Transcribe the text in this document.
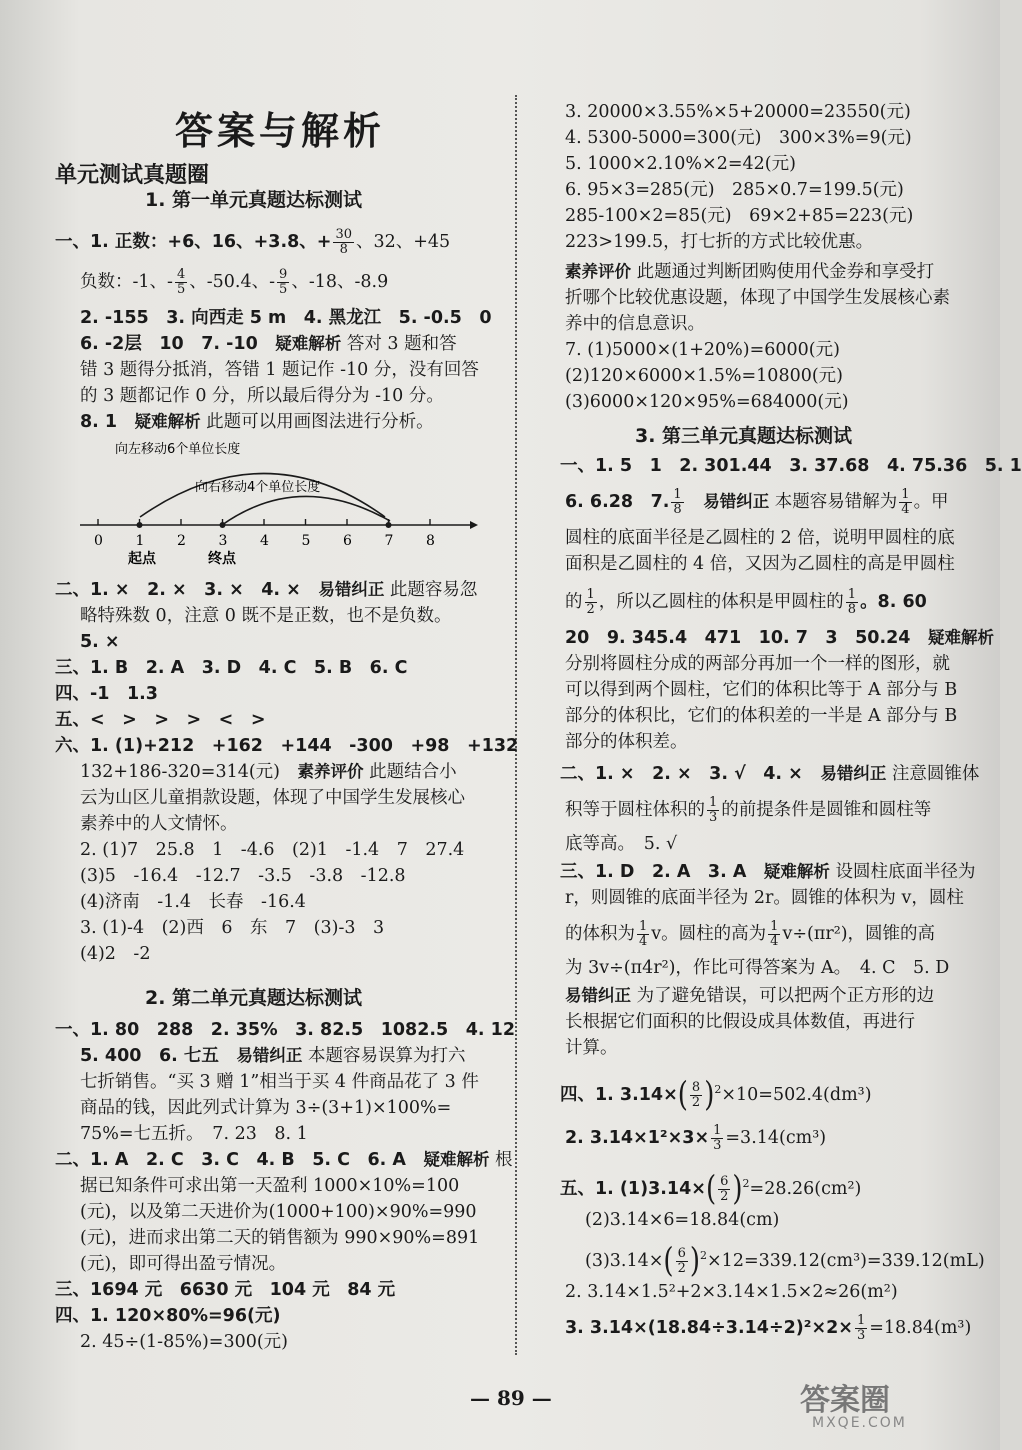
答案与解析
单元测试真题圈
1. 第一单元真题达标测试
一、1. 正数：+6、16、+3.8、+ $\frac{30}{8}$ 、32、+45
负数：-1、- $\frac{4}{5}$ 、-50.4、- $\frac{9}{5}$ 、-18、-8.9
2. -155　3. 向西走 5 m　4. 黑龙江　5. -0.5　0
6. -2层　10　7. -10　疑难解析 答对 3 题和答
错 3 题得分抵消，答错 1 题记作 -10 分，没有回答
的 3 题都记作 0 分，所以最后得分为 -10 分。
8. 1　疑难解析 此题可以用画图法进行分析。
向左移动6个单位长度
向右移动4个单位长度
0 1 2 3 4 5 6 7 8
起点	终点
二、1. ×　2. ×　3. ×　4. ×　易错纠正 此题容易忽
略特殊数 0，注意 0 既不是正数，也不是负数。
5. ×
三、1. B　2. A　3. D　4. C　5. B　6. C
四、-1　1.3
五、<　>　>　>　<　>
六、1. (1)+212　+162　+144　-300　+98　+132
132+186-320=314(元)　素养评价 此题结合小
云为山区儿童捐款设题，体现了中国学生发展核心
素养中的人文情怀。
2. (1)7　25.8　1　-4.6　(2)1　-1.4　7　27.4
(3)5　-16.4　-12.7　-3.5　-3.8　-12.8
(4)济南　-1.4　长春　-16.4
3. (1)-4　(2)西　6　东　7　(3)-3　3
(4)2　-2
2. 第二单元真题达标测试
一、1. 80　288　2. 35%　3. 82.5　1082.5　4. 12
5. 400　6. 七五　易错纠正 本题容易误算为打六
七折销售。“买 3 赠 1”相当于买 4 件商品花了 3 件
商品的钱，因此列式计算为 3÷(3+1)×100%=
75%=七五折。　7. 23　8. 1
二、1. A　2. C　3. C　4. B　5. C　6. A　疑难解析 根
据已知条件可求出第一天盈利 1000×10%=100
(元)，以及第二天进价为(1000+100)×90%=990
(元)，进而求出第二天的销售额为 990×90%=891
(元)，即可得出盈亏情况。
三、1694 元　6630 元　104 元　84 元
四、1. 120×80%=96(元)
2. 45÷(1-85%)=300(元)
3. 20000×3.55%×5+20000=23550(元)
4. 5300-5000=300(元)　300×3%=9(元)
5. 1000×2.10%×2=42(元)
6. 95×3=285(元)　285×0.7=199.5(元)
285-100×2=85(元)　69×2+85=223(元)
223>199.5，打七折的方式比较优惠。
素养评价 此题通过判断团购使用代金券和享受打
折哪个比较优惠设题，体现了中国学生发展核心素
养中的信息意识。
7. (1)5000×(1+20%)=6000(元)
(2)120×6000×1.5%=10800(元)
(3)6000×120×95%=684000(元)
3. 第三单元真题达标测试
一、1. 5　1　2. 301.44　3. 37.68　4. 75.36　5. 1
6. 6.28　7. $\frac{1}{8}$
　 易错纠正 本题容易错解为 $\frac{1}{4}$ 。甲
圆柱的底面半径是乙圆柱的 2 倍，说明甲圆柱的底
面积是乙圆柱的 4 倍，又因为乙圆柱的高是甲圆柱
的 $\frac{1}{2}$ ，所以乙圆柱的体积是甲圆柱的 $\frac{1}{8}$ 。8. 60
20　9. 345.4　471　10. 7　3　50.24　疑难解析
分别将圆柱分成的两部分再加一个一样的图形，就
可以得到两个圆柱，它们的体积比等于 A 部分与 B
部分的体积比，它们的体积差的一半是 A 部分与 B
部分的体积差。
二、1. ×　2. ×　3. √　4. ×　易错纠正 注意圆锥体
积等于圆柱体积的 $\frac{1}{3}$ 的前提条件是圆锥和圆柱等
底等高。　5. √
三、1. D　2. A　3. A　疑难解析 设圆柱底面半径为
r，则圆锥的底面半径为 2r。圆锥的体积为 v，圆柱
的体积为 $\frac{1}{4}$ v。圆柱的高为 $\frac{1}{4} v\div(\pi r^2)$，圆锥的高
为 3v÷(π4r²)，作比可得答案为 A。　4. C　5. D
易错纠正 为了避免错误，可以把两个正方形的边
长根据它们面积的比假设成具体数值，再进行
计算。
四、1. $3.14\times( \frac{8}{2} )^2\times 10=502.4(dm^3)$
2. $3.14\times 1^2\times 3\times \frac{1}{3} =3.14(cm^3)$
五、1. $(1)3.14\times( \frac{6}{2} )^2=28.26(cm^2)$
(2)3.14×6=18.84(cm)
$(3)3.14\times( \frac{6}{2} )^2\times 12=339.12(cm^3)=339.12(mL)$
2. 3.14×1.5²+2×3.14×1.5×2≈26(m²)
3. $3.14\times(18.84\div 3.14\div 2)^2\times 2\times \frac{1}{3} =18.84(m^3)$
— 89 —	答案圈
MXQE.COM
